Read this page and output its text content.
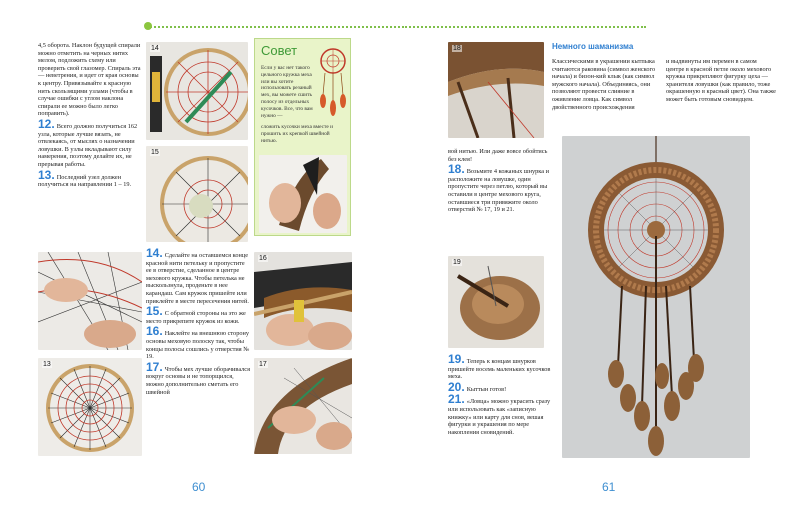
4,5 оборота. Наклон будущей спирали можно отметить на черных нитях мелом, подложить схему или проверить свой глазомер. Спираль эта — неветрения, и идет от края основы к центру. Привязывайте к красную нить скользящими узлами (чтобы в случае ошибки с углом наклона спирали ее можно было легко поправить).
12. Всего должно получиться 162 узла, которые лучше вязать, не отвлекаясь, от мыслях о назначении ловушки. В узлы вкладывают силу намерения, поэтому делайте их, не прерывая работы.
13. Последний узел должен получиться на направлении 1 – 19.
14
15
13
14. Сделайте на оставшемся конце красной нити петельку и пропустите ее в отверстие, сделанное в центре мехового кружка. Чтобы петелька не выскользнула, проденьте в нее карандаш. Сам кружок пришейте или приклейте в месте пересечения нитей.
15. С обратной стороны на это же место прикрепите кружок из кожи.
16. Наклейте на внешнюю сторону основы меховую полоску так, чтобы концы полосы сошлись у отверстия № 19.
17. Чтобы мех лучше оборачивался вокруг основы и не топорщился, можно дополнительно сметать его швейной
Совет
Если у вас нет такого цельного кружка меха или вы хотите использовать резаный мех, вы можете сшить полосу из отдельных кусочков. Все, что вам нужно —
сложить кусочки меха вместе и прошить их крепкой швейной нитью.
16
17
60
18	Немного шаманизма
Классическими в украшении кытпыка считаются раковина (символ женского начала) и бизон-кий клык (как символ мужского начала). Объединяясь, они позволяют провести слияние в оживление ловца. Как символ двойственного происхождения
и выдвинуты им перемен в самом центре в красной петле около мехового кружка прикрепляют фигурку цеха — хранителя ловушки (как правило, тоже окрашенную в красный цвет). Она также может быть готовым сновидцем.
вой нитью. Или даже вовсе обойтись без клея!
18. Возьмите 4 кожаных шнурка и расположите на ловушке, один пропустите через петлю, который вы оставили в центре мехового круга, оставшиеся три привяжите около отверстий № 17, 19 и 21.
19
19. Теперь к концам шнурков пришейте восемь маленьких кусочков меха.
20. Кыттын готов!
21. «Ловца» можно украсить сразу или использовать как «записную книжку» или карту для снов, вешая фигурки и украшения по мере накопления сновидений.
61
